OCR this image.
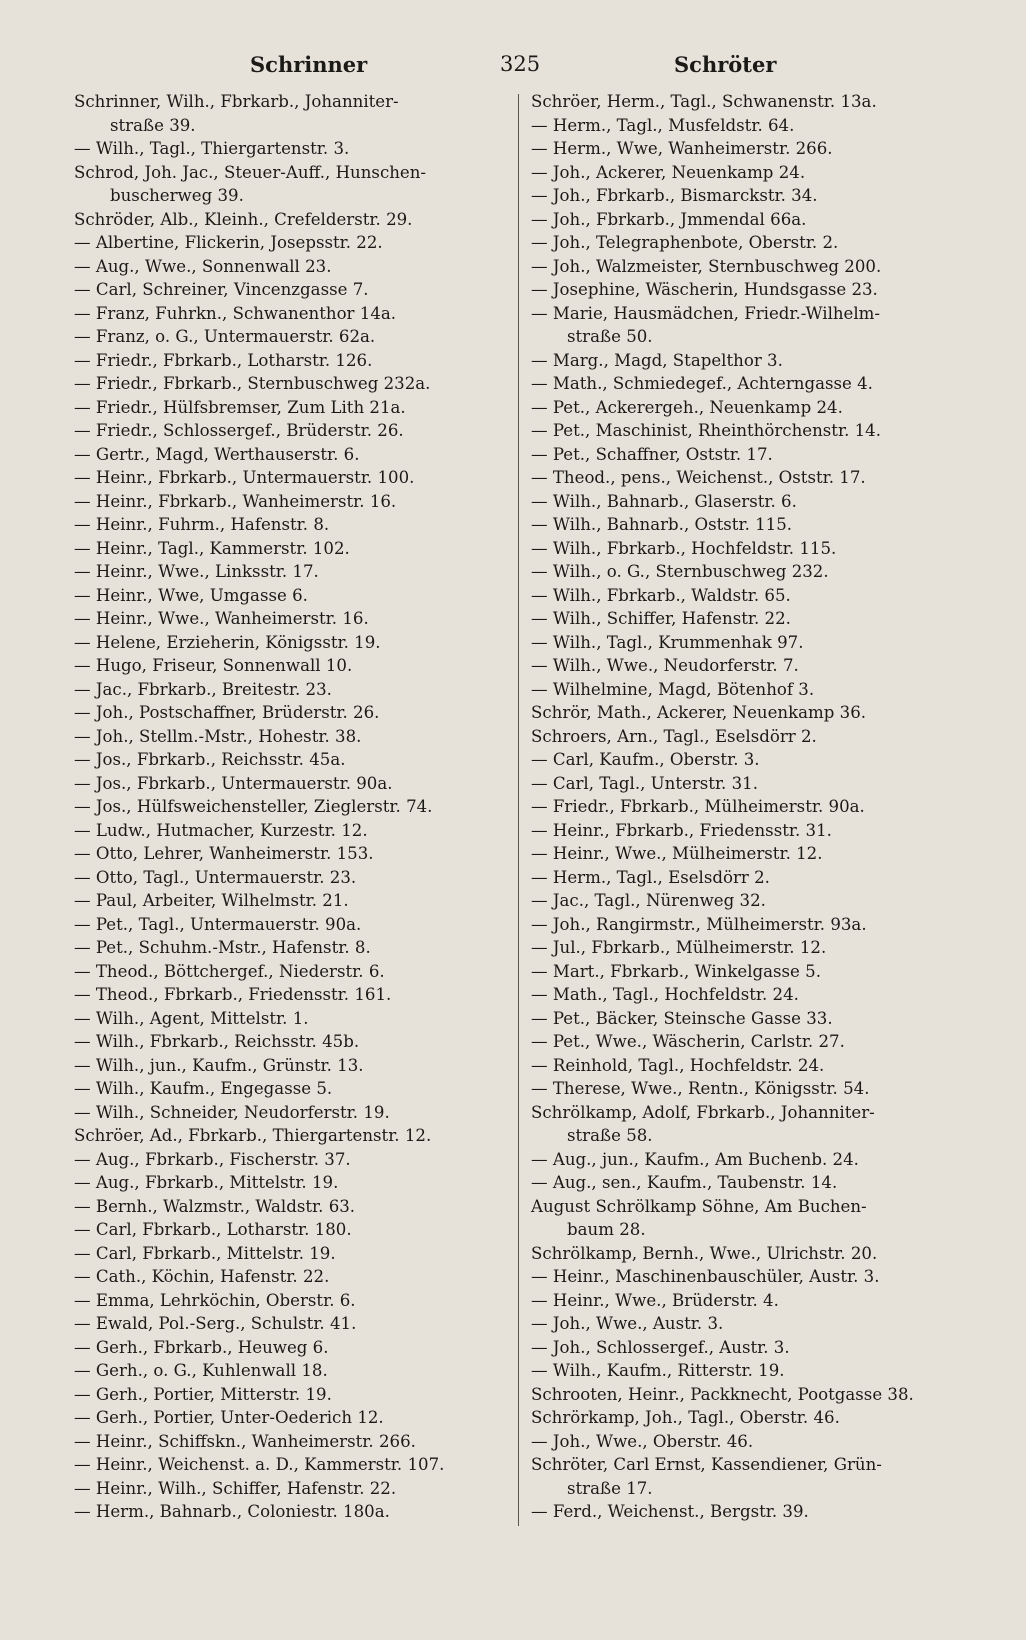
Schrinner	325	Schröter
Schrinner, Wilh., Fbrkarb., Johanniter-
straße 39.
— Wilh., Tagl., Thiergartenstr. 3.
Schrod, Joh. Jac., Steuer-Auff., Hunschen-
buscherweg 39.
Schröder, Alb., Kleinh., Crefelderstr. 29.
— Albertine, Flickerin, Josepsstr. 22.
— Aug., Wwe., Sonnenwall 23.
— Carl, Schreiner, Vincenzgasse 7.
— Franz, Fuhrkn., Schwanenthor 14a.
— Franz, o. G., Untermauerstr. 62a.
— Friedr., Fbrkarb., Lotharstr. 126.
— Friedr., Fbrkarb., Sternbuschweg 232a.
— Friedr., Hülfsbremser, Zum Lith 21a.
— Friedr., Schlossergef., Brüderstr. 26.
— Gertr., Magd, Werthauserstr. 6.
— Heinr., Fbrkarb., Untermauerstr. 100.
— Heinr., Fbrkarb., Wanheimerstr. 16.
— Heinr., Fuhrm., Hafenstr. 8.
— Heinr., Tagl., Kammerstr. 102.
— Heinr., Wwe., Linksstr. 17.
— Heinr., Wwe, Umgasse 6.
— Heinr., Wwe., Wanheimerstr. 16.
— Helene, Erzieherin, Königsstr. 19.
— Hugo, Friseur, Sonnenwall 10.
— Jac., Fbrkarb., Breitestr. 23.
— Joh., Postschaffner, Brüderstr. 26.
— Joh., Stellm.-Mstr., Hohestr. 38.
— Jos., Fbrkarb., Reichsstr. 45a.
— Jos., Fbrkarb., Untermauerstr. 90a.
— Jos., Hülfsweichensteller, Zieglerstr. 74.
— Ludw., Hutmacher, Kurzestr. 12.
— Otto, Lehrer, Wanheimerstr. 153.
— Otto, Tagl., Untermauerstr. 23.
— Paul, Arbeiter, Wilhelmstr. 21.
— Pet., Tagl., Untermauerstr. 90a.
— Pet., Schuhm.-Mstr., Hafenstr. 8.
— Theod., Böttchergef., Niederstr. 6.
— Theod., Fbrkarb., Friedensstr. 161.
— Wilh., Agent, Mittelstr. 1.
— Wilh., Fbrkarb., Reichsstr. 45b.
— Wilh., jun., Kaufm., Grünstr. 13.
— Wilh., Kaufm., Engegasse 5.
— Wilh., Schneider, Neudorferstr. 19.
Schröer, Ad., Fbrkarb., Thiergartenstr. 12.
— Aug., Fbrkarb., Fischerstr. 37.
— Aug., Fbrkarb., Mittelstr. 19.
— Bernh., Walzmstr., Waldstr. 63.
— Carl, Fbrkarb., Lotharstr. 180.
— Carl, Fbrkarb., Mittelstr. 19.
— Cath., Köchin, Hafenstr. 22.
— Emma, Lehrköchin, Oberstr. 6.
— Ewald, Pol.-Serg., Schulstr. 41.
— Gerh., Fbrkarb., Heuweg 6.
— Gerh., o. G., Kuhlenwall 18.
— Gerh., Portier, Mitterstr. 19.
— Gerh., Portier, Unter-Oederich 12.
— Heinr., Schiffskn., Wanheimerstr. 266.
— Heinr., Weichenst. a. D., Kammerstr. 107.
— Heinr., Wilh., Schiffer, Hafenstr. 22.
— Herm., Bahnarb., Coloniestr. 180a.
Schröer, Herm., Tagl., Schwanenstr. 13a.
— Herm., Tagl., Musfeldstr. 64.
— Herm., Wwe, Wanheimerstr. 266.
— Joh., Ackerer, Neuenkamp 24.
— Joh., Fbrkarb., Bismarckstr. 34.
— Joh., Fbrkarb., Jmmendal 66a.
— Joh., Telegraphenbote, Oberstr. 2.
— Joh., Walzmeister, Sternbuschweg 200.
— Josephine, Wäscherin, Hundsgasse 23.
— Marie, Hausmädchen, Friedr.-Wilhelm-
straße 50.
— Marg., Magd, Stapelthor 3.
— Math., Schmiedegef., Achterngasse 4.
— Pet., Ackerergeh., Neuenkamp 24.
— Pet., Maschinist, Rheinthörchenstr. 14.
— Pet., Schaffner, Oststr. 17.
— Theod., pens., Weichenst., Oststr. 17.
— Wilh., Bahnarb., Glaserstr. 6.
— Wilh., Bahnarb., Oststr. 115.
— Wilh., Fbrkarb., Hochfeldstr. 115.
— Wilh., o. G., Sternbuschweg 232.
— Wilh., Fbrkarb., Waldstr. 65.
— Wilh., Schiffer, Hafenstr. 22.
— Wilh., Tagl., Krummenhak 97.
— Wilh., Wwe., Neudorferstr. 7.
— Wilhelmine, Magd, Bötenhof 3.
Schrör, Math., Ackerer, Neuenkamp 36.
Schroers, Arn., Tagl., Eselsdörr 2.
— Carl, Kaufm., Oberstr. 3.
— Carl, Tagl., Unterstr. 31.
— Friedr., Fbrkarb., Mülheimerstr. 90a.
— Heinr., Fbrkarb., Friedensstr. 31.
— Heinr., Wwe., Mülheimerstr. 12.
— Herm., Tagl., Eselsdörr 2.
— Jac., Tagl., Nürenweg 32.
— Joh., Rangirmstr., Mülheimerstr. 93a.
— Jul., Fbrkarb., Mülheimerstr. 12.
— Mart., Fbrkarb., Winkelgasse 5.
— Math., Tagl., Hochfeldstr. 24.
— Pet., Bäcker, Steinsche Gasse 33.
— Pet., Wwe., Wäscherin, Carlstr. 27.
— Reinhold, Tagl., Hochfeldstr. 24.
— Therese, Wwe., Rentn., Königsstr. 54.
Schrölkamp, Adolf, Fbrkarb., Johanniter-
straße 58.
— Aug., jun., Kaufm., Am Buchenb. 24.
— Aug., sen., Kaufm., Taubenstr. 14.
August Schrölkamp Söhne, Am Buchen-
baum 28.
Schrölkamp, Bernh., Wwe., Ulrichstr. 20.
— Heinr., Maschinenbauschüler, Austr. 3.
— Heinr., Wwe., Brüderstr. 4.
— Joh., Wwe., Austr. 3.
— Joh., Schlossergef., Austr. 3.
— Wilh., Kaufm., Ritterstr. 19.
Schrooten, Heinr., Packknecht, Pootgasse 38.
Schrörkamp, Joh., Tagl., Oberstr. 46.
— Joh., Wwe., Oberstr. 46.
Schröter, Carl Ernst, Kassendiener, Grün-
straße 17.
— Ferd., Weichenst., Bergstr. 39.
